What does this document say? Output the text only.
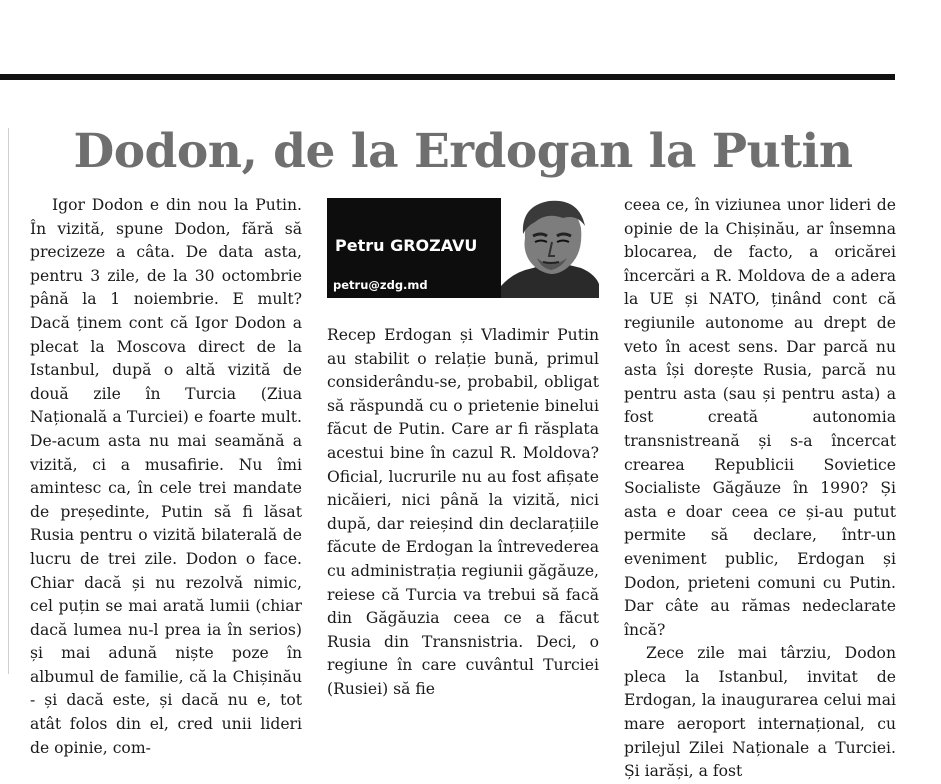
Dodon, de la Erdogan la Putin

Igor Dodon e din nou la Putin. În vizită, spune Dodon, fără să precizeze a câta. De data asta, pentru 3 zile, de la 30 octombrie până la 1 noiembrie. E mult? Dacă ținem cont că Igor Dodon a plecat la Moscova direct de la Istanbul, după o altă vizită de două zile în Turcia (Ziua Națională a Turciei) e foarte mult. De-acum asta nu mai seamănă a vizită, ci a musafirie. Nu îmi amintesc ca, în cele trei mandate de președinte, Putin să fi lăsat Rusia pentru o vizită bilaterală de lucru de trei zile. Dodon o face. Chiar dacă și nu rezolvă nimic, cel puțin se mai arată lumii (chiar dacă lumea nu-l prea ia în serios) și mai adună niște poze în albumul de familie, că la Chișinău - și dacă este, și dacă nu e, tot atât folos din el, cred unii lideri de opinie, com-

Petru GROZAVU
petru@zdg.md

Recep Erdogan și Vladimir Putin au stabilit o relație bună, primul considerându-se, probabil, obligat să răspundă cu o prietenie binelui făcut de Putin. Care ar fi răsplata acestui bine în cazul R. Moldova? Oficial, lucrurile nu au fost afișate nicăieri, nici până la vizită, nici după, dar reieșind din declarațiile făcute de Erdogan la întrevederea cu administrația regiunii găgăuze, reiese că Turcia va trebui să facă din Găgăuzia ceea ce a făcut Rusia din Transnistria. Deci, o regiune în care cuvântul Turciei (Rusiei) să fie

ceea ce, în viziunea unor lideri de opinie de la Chișinău, ar însemna blocarea, de facto, a oricărei încercări a R. Moldova de a adera la UE și NATO, ținând cont că regiunile autonome au drept de veto în acest sens. Dar parcă nu asta își dorește Rusia, parcă nu pentru asta (sau și pentru asta) a fost creată autonomia transnistreană și s-a încercat crearea Republicii Sovietice Socialiste Găgăuze în 1990? Și asta e doar ceea ce și-au putut permite să declare, într-un eveniment public, Erdogan și Dodon, prieteni comuni cu Putin. Dar câte au rămas nedeclarate încă?

Zece zile mai târziu, Dodon pleca la Istanbul, invitat de Erdogan, la inaugurarea celui mai mare aeroport internațional, cu prilejul Zilei Naționale a Turciei. Și iarăși, a fost
